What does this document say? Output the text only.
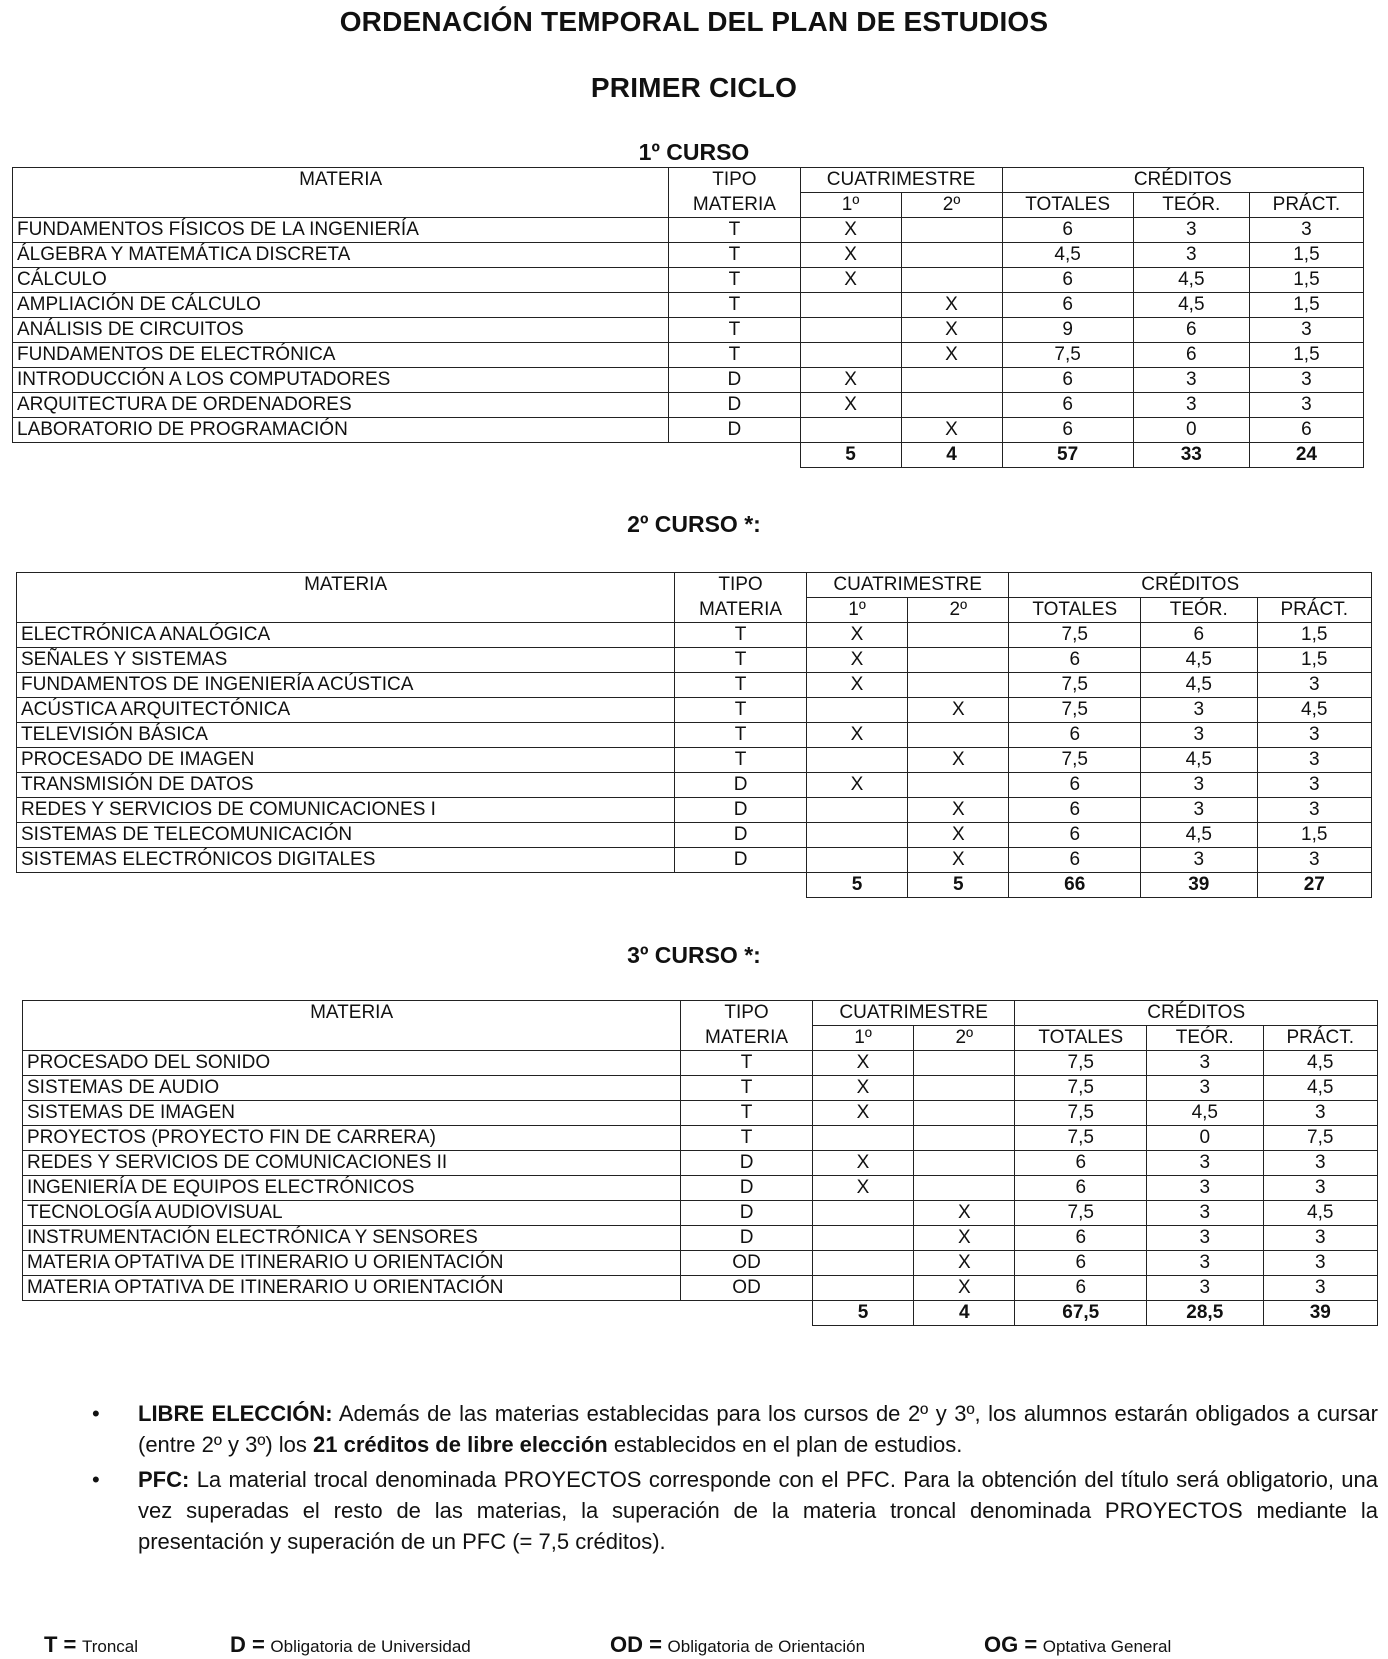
ORDENACIÓN TEMPORAL DEL PLAN DE ESTUDIOS
PRIMER CICLO
1º CURSO
MATERIA	TIPO	CUATRIMESTRE		CRÉDITOS		
	MATERIA	1º	2º	TOTALES	TEÓR.	PRÁCT.
FUNDAMENTOS FÍSICOS DE LA INGENIERÍA	T	X		6	3	3
ÁLGEBRA Y MATEMÁTICA DISCRETA	T	X		4,5	3	1,5
CÁLCULO	T	X		6	4,5	1,5
AMPLIACIÓN DE CÁLCULO	T		X	6	4,5	1,5
ANÁLISIS DE CIRCUITOS	T		X	9	6	3
FUNDAMENTOS DE ELECTRÓNICA	T		X	7,5	6	1,5
INTRODUCCIÓN A LOS COMPUTADORES	D	X		6	3	3
ARQUITECTURA DE ORDENADORES	D	X		6	3	3
LABORATORIO DE PROGRAMACIÓN	D		X	6	0	6
		5	4	57	33	24
2º CURSO *:
MATERIA	TIPO	CUATRIMESTRE		CRÉDITOS		
	MATERIA	1º	2º	TOTALES	TEÓR.	PRÁCT.
ELECTRÓNICA ANALÓGICA	T	X		7,5	6	1,5
SEÑALES Y SISTEMAS	T	X		6	4,5	1,5
FUNDAMENTOS DE INGENIERÍA ACÚSTICA	T	X		7,5	4,5	3
ACÚSTICA ARQUITECTÓNICA	T		X	7,5	3	4,5
TELEVISIÓN BÁSICA	T	X		6	3	3
PROCESADO DE IMAGEN	T		X	7,5	4,5	3
TRANSMISIÓN DE DATOS	D	X		6	3	3
REDES Y SERVICIOS DE COMUNICACIONES I	D		X	6	3	3
SISTEMAS DE TELECOMUNICACIÓN	D		X	6	4,5	1,5
SISTEMAS ELECTRÓNICOS DIGITALES	D		X	6	3	3
		5	5	66	39	27
3º CURSO *:
MATERIA	TIPO	CUATRIMESTRE		CRÉDITOS		
	MATERIA	1º	2º	TOTALES	TEÓR.	PRÁCT.
PROCESADO DEL SONIDO	T	X		7,5	3	4,5
SISTEMAS DE AUDIO	T	X		7,5	3	4,5
SISTEMAS DE IMAGEN	T	X		7,5	4,5	3
PROYECTOS (PROYECTO FIN DE CARRERA)	T			7,5	0	7,5
REDES Y SERVICIOS DE COMUNICACIONES II	D	X		6	3	3
INGENIERÍA DE EQUIPOS ELECTRÓNICOS	D	X		6	3	3
TECNOLOGÍA AUDIOVISUAL	D		X	7,5	3	4,5
INSTRUMENTACIÓN ELECTRÓNICA Y SENSORES	D		X	6	3	3
MATERIA OPTATIVA DE ITINERARIO U ORIENTACIÓN	OD		X	6	3	3
MATERIA OPTATIVA DE ITINERARIO U ORIENTACIÓN	OD		X	6	3	3
		5	4	67,5	28,5	39
• LIBRE ELECCIÓN: Además de las materias establecidas para los cursos de 2º y 3º, los alumnos estarán obligados a cursar (entre 2º y 3º) los 21 créditos de libre elección establecidos en el plan de estudios.
• PFC: La material trocal denominada PROYECTOS corresponde con el PFC. Para la obtención del título será obligatorio, una vez superadas el resto de las materias, la superación de la materia troncal denominada PROYECTOS mediante la presentación y superación de un PFC (= 7,5 créditos).
T = Troncal	D = Obligatoria de Universidad	OD = Obligatoria de Orientación	OG = Optativa General
